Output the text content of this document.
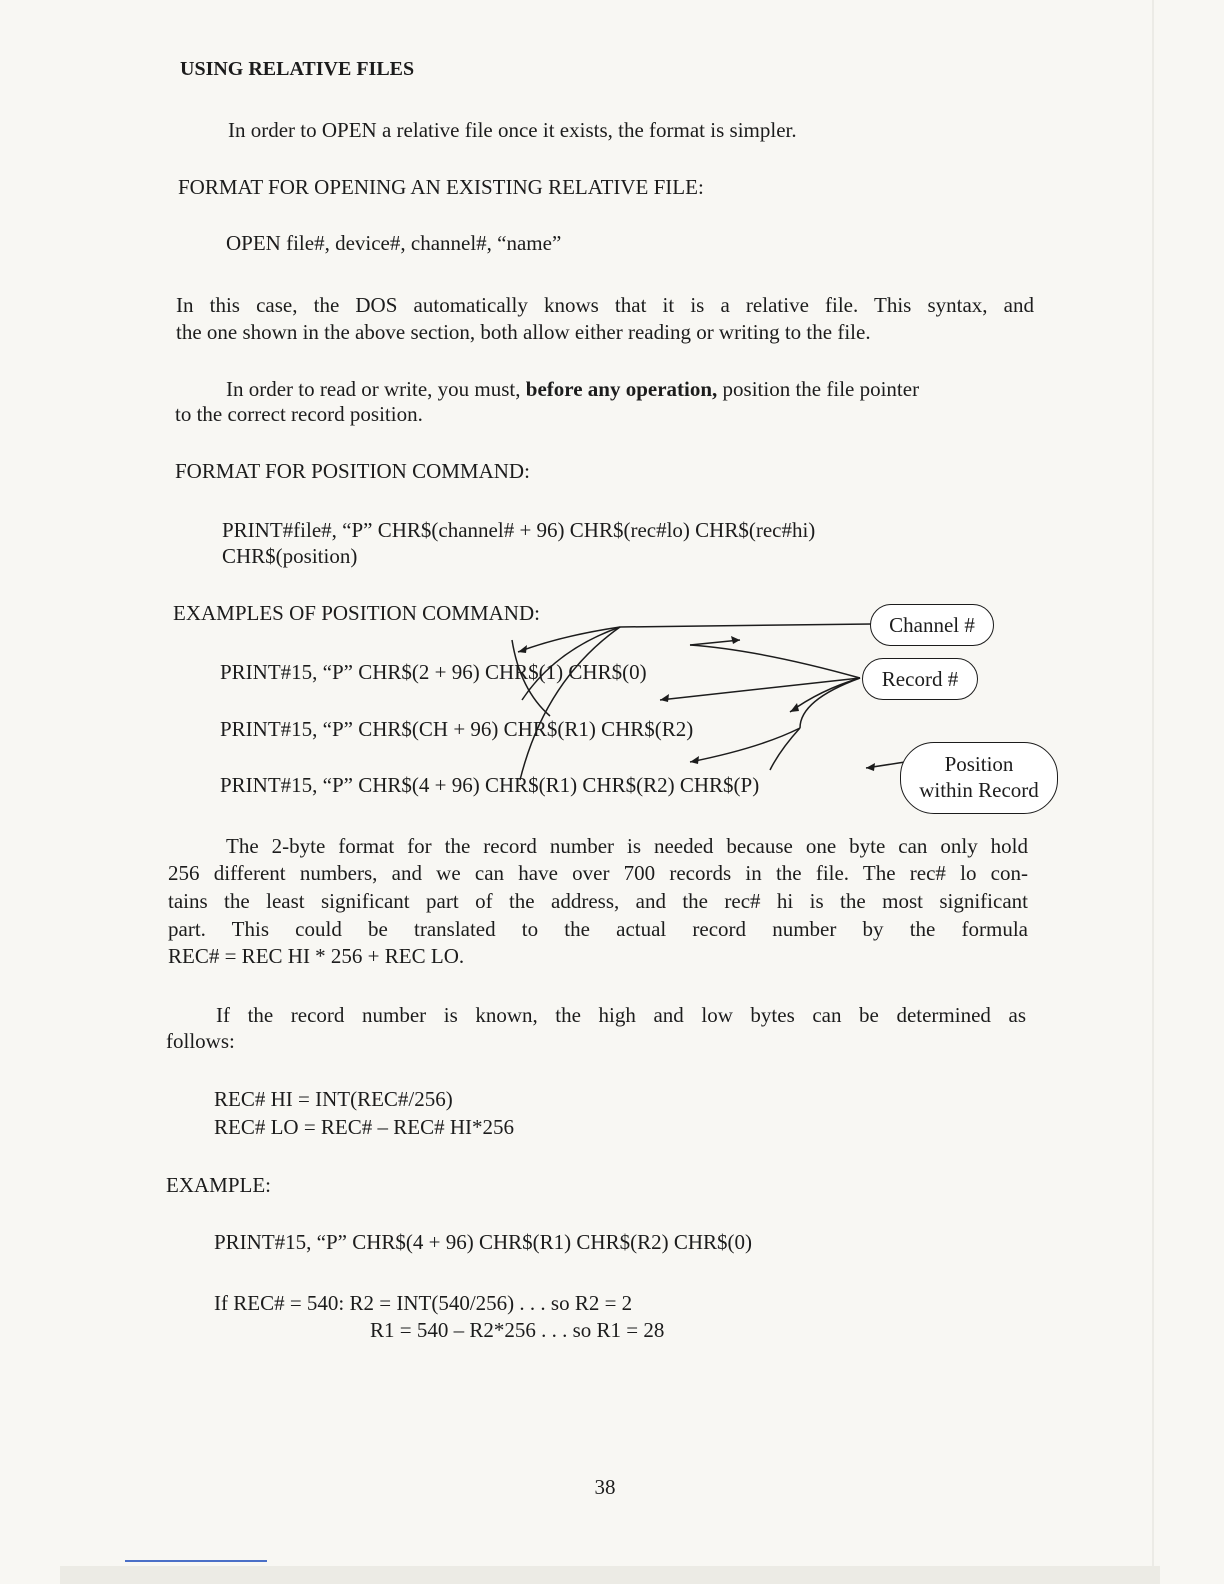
USING RELATIVE FILES
In order to OPEN a relative file once it exists, the format is simpler.
FORMAT FOR OPENING AN EXISTING RELATIVE FILE:
OPEN file#, device#, channel#, “name”
In this case, the DOS automatically knows that it is a relative file. This syntax, and
the one shown in the above section, both allow either reading or writing to the file.
In order to read or write, you must, before any operation, position the file pointer
to the correct record position.
FORMAT FOR POSITION COMMAND:
PRINT#file#, “P” CHR$(channel# + 96) CHR$(rec#lo) CHR$(rec#hi)
CHR$(position)
EXAMPLES OF POSITION COMMAND:
PRINT#15, “P” CHR$(2 + 96) CHR$(1) CHR$(0)
PRINT#15, “P” CHR$(CH + 96) CHR$(R1) CHR$(R2)
PRINT#15, “P” CHR$(4 + 96) CHR$(R1) CHR$(R2) CHR$(P)
Channel #
Record #
Position
within Record
The 2-byte format for the record number is needed because one byte can only hold
256 different numbers, and we can have over 700 records in the file. The rec# lo con-
tains the least significant part of the address, and the rec# hi is the most significant
part. This could be translated to the actual record number by the formula
REC# = REC HI * 256 + REC LO.
If the record number is known, the high and low bytes can be determined as
follows:
REC# HI = INT(REC#/256)
REC# LO = REC# – REC# HI*256
EXAMPLE:
PRINT#15, “P” CHR$(4 + 96) CHR$(R1) CHR$(R2) CHR$(0)
If REC# = 540: R2 = INT(540/256) . . . so R2 = 2
R1 = 540 – R2*256 . . . so R1 = 28
38
